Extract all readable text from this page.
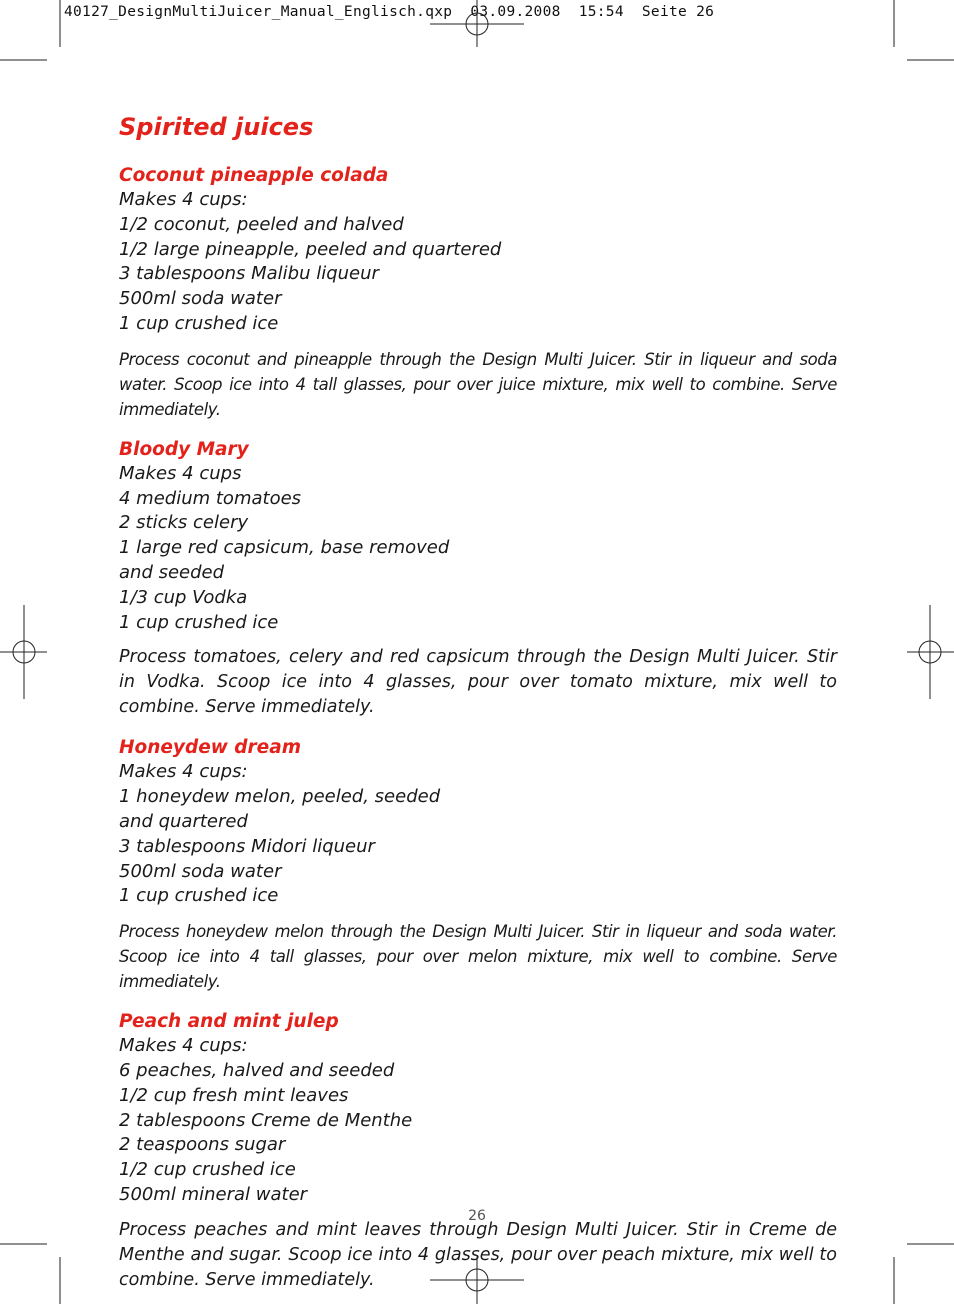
40127_DesignMultiJuicer_Manual_Englisch.qxp  03.09.2008  15:54  Seite 26
Spirited juices
Coconut pineapple colada
Makes 4 cups:
1/2 coconut, peeled and halved
1/2 large pineapple, peeled and quartered
3 tablespoons Malibu liqueur
500ml soda water
1 cup crushed ice

Process coconut and pineapple through the Design Multi Juicer. Stir in liqueur and soda water. Scoop ice into 4 tall glasses, pour over juice mixture, mix well to combine. Serve immediately.

Bloody Mary
Makes 4 cups
4 medium tomatoes
2 sticks celery
1 large red capsicum, base removed
and seeded
1/3 cup Vodka
1 cup crushed ice

Process tomatoes, celery and red capsicum through the Design Multi Juicer. Stir in Vodka. Scoop ice into 4 glasses, pour over tomato mixture, mix well to combine. Serve immediately.

Honeydew dream
Makes 4 cups:
1 honeydew melon, peeled, seeded
and quartered
3 tablespoons Midori liqueur
500ml soda water
1 cup crushed ice

Process honeydew melon through the Design Multi Juicer. Stir in liqueur and soda water. Scoop ice into 4 tall glasses, pour over melon mixture, mix well to combine. Serve immediately.

Peach and mint julep
Makes 4 cups:
6 peaches, halved and seeded
1/2 cup fresh mint leaves
2 tablespoons Creme de Menthe
2 teaspoons sugar
1/2 cup crushed ice
500ml mineral water

Process peaches and mint leaves through Design Multi Juicer. Stir in Creme de Menthe and sugar. Scoop ice into 4 glasses, pour over peach mixture, mix well to combine. Serve immediately.

26
